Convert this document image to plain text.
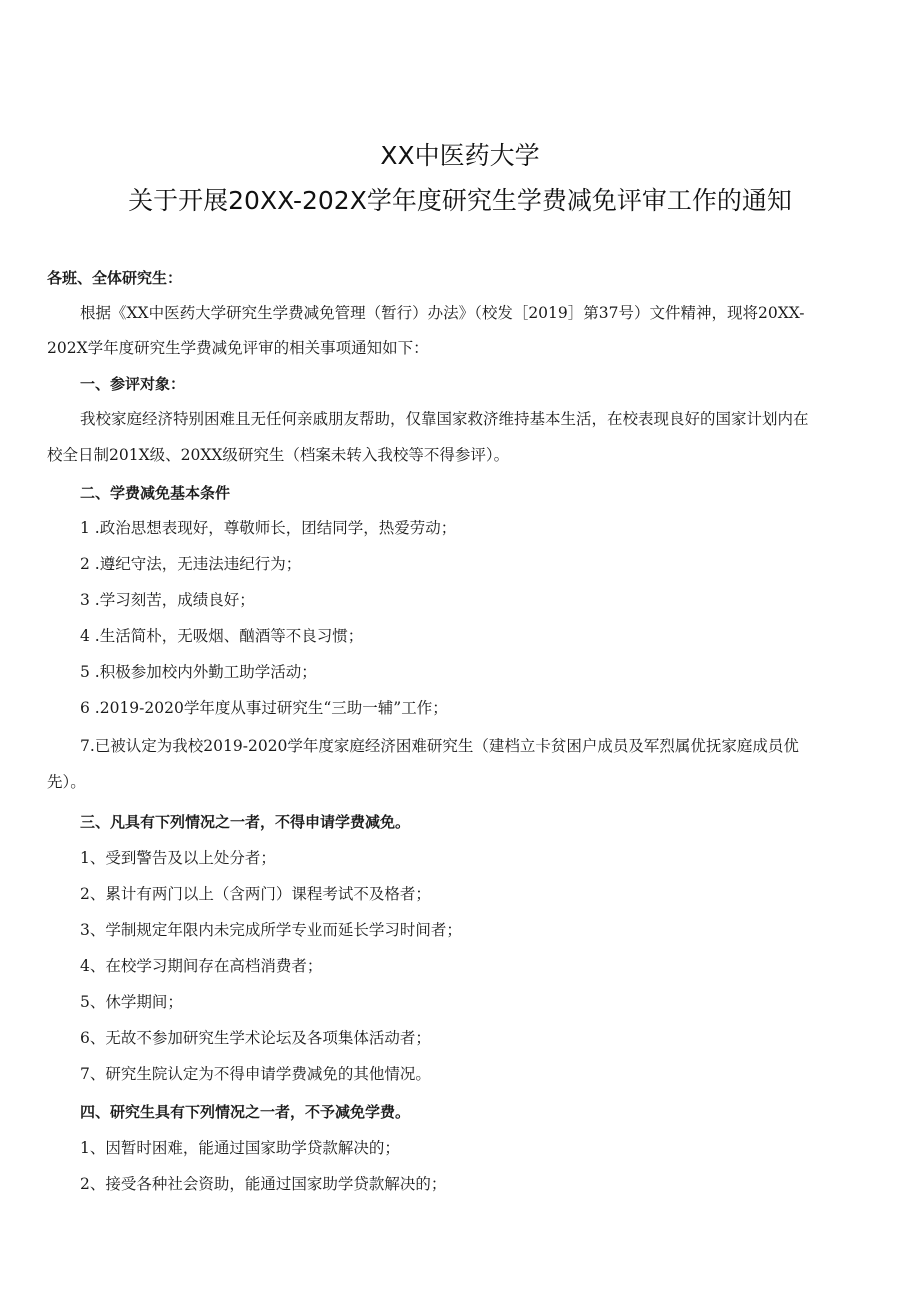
XX中医药大学
关于开展20XX-202X学年度研究生学费减免评审工作的通知
各班、全体研究生：
根据《XX中医药大学研究生学费减免管理（暂行）办法》（校发［2019］第37号）文件精神，现将20XX-
202X学年度研究生学费减免评审的相关事项通知如下：
一、参评对象：
我校家庭经济特别困难且无任何亲戚朋友帮助，仅靠国家救济维持基本生活，在校表现良好的国家计划内在
校全日制201X级、20XX级研究生（档案未转入我校等不得参评）。
二、学费减免基本条件
1 .政治思想表现好，尊敬师长，团结同学，热爱劳动；
2 .遵纪守法，无违法违纪行为；
3 .学习刻苦，成绩良好；
4 .生活简朴，无吸烟、酗酒等不良习惯；
5 .积极参加校内外勤工助学活动；
6 .2019-2020学年度从事过研究生“三助一辅”工作；
7.已被认定为我校2019-2020学年度家庭经济困难研究生（建档立卡贫困户成员及军烈属优抚家庭成员优
先）。
三、凡具有下列情况之一者，不得申请学费减免。
1、受到警告及以上处分者；
2、累计有两门以上（含两门）课程考试不及格者；
3、学制规定年限内未完成所学专业而延长学习时间者；
4、在校学习期间存在高档消费者；
5、休学期间；
6、无故不参加研究生学术论坛及各项集体活动者；
7、研究生院认定为不得申请学费减免的其他情况。
四、研究生具有下列情况之一者，不予减免学费。
1、因暂时困难，能通过国家助学贷款解决的；
2、接受各种社会资助，能通过国家助学贷款解决的；
